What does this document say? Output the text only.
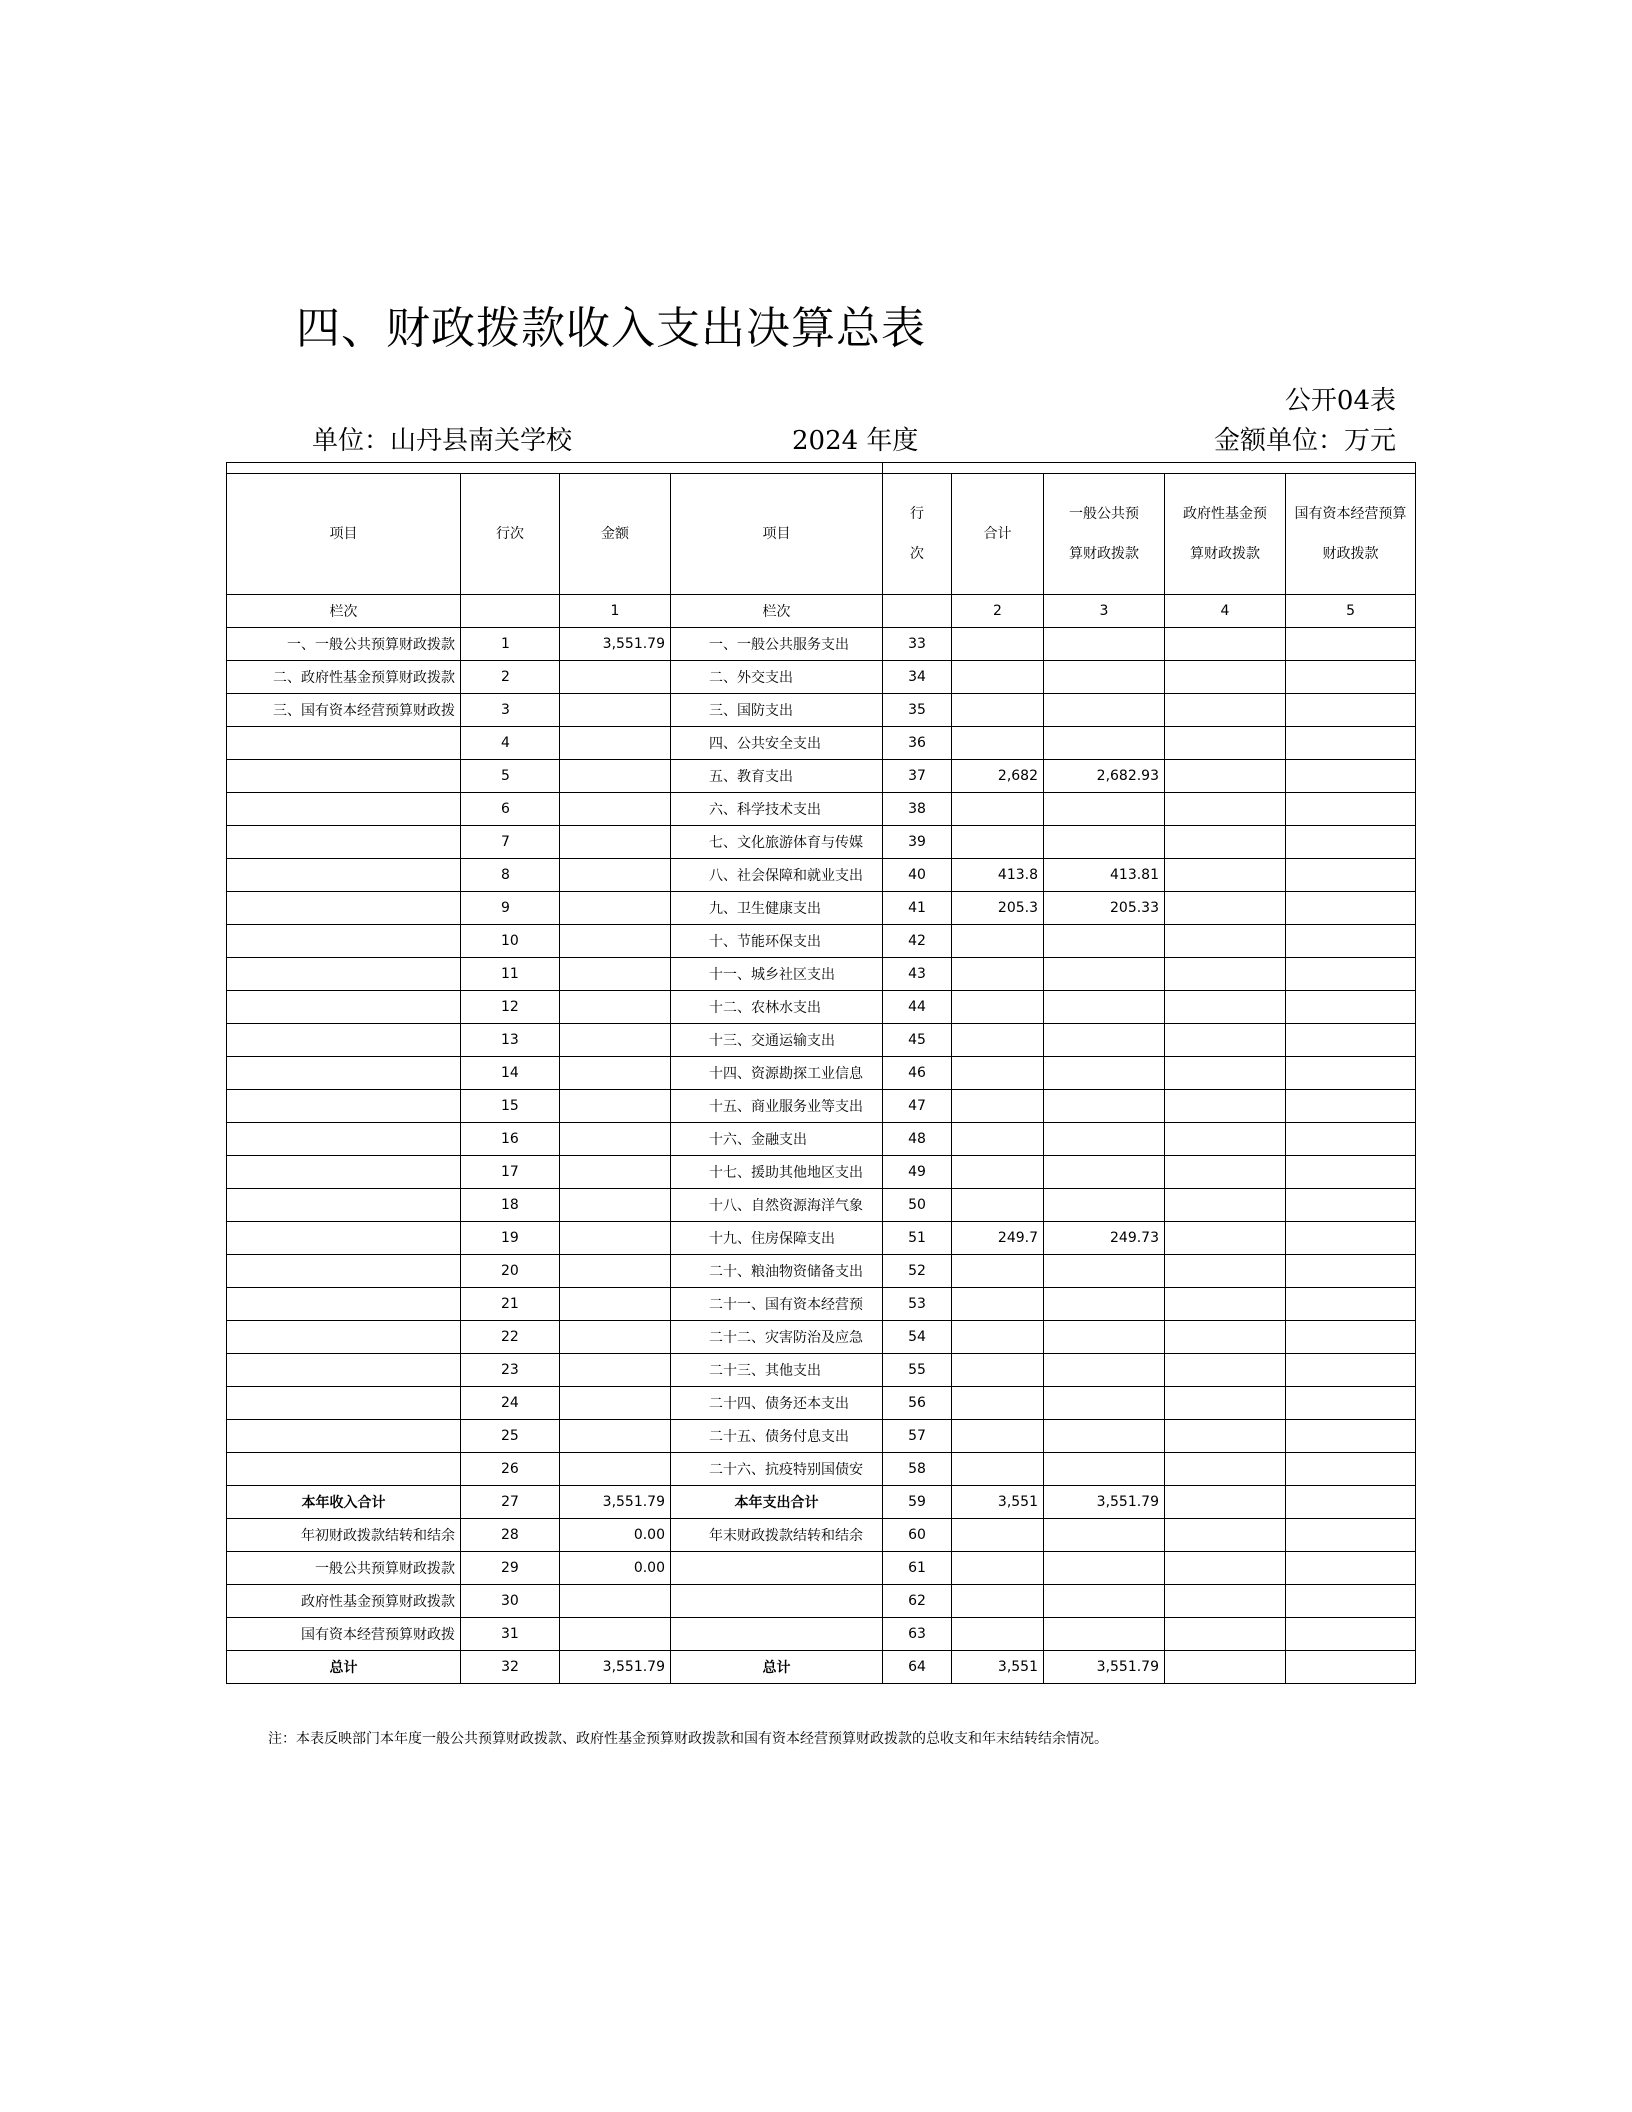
四、财政拨款收入支出决算总表
公开04表
单位：山丹县南关学校	2024 年度	金额单位：万元

项目	行次	金额	项目	行次	合计	一般公共预算财政拨款	政府性基金预算财政拨款	国有资本经营预算财政拨款
栏次		1	栏次		2	3	4	5
一、一般公共预算财政拨款	1	3,551.79	一、一般公共服务支出	33				
二、政府性基金预算财政拨款	2		二、外交支出	34				
三、国有资本经营预算财政拨	3		三、国防支出	35				
	4		四、公共安全支出	36				
	5		五、教育支出	37	2,682	2,682.93		
	6		六、科学技术支出	38				
	7		七、文化旅游体育与传媒	39				
	8		八、社会保障和就业支出	40	413.8	413.81		
	9		九、卫生健康支出	41	205.3	205.33		
	10		十、节能环保支出	42				
	11		十一、城乡社区支出	43				
	12		十二、农林水支出	44				
	13		十三、交通运输支出	45				
	14		十四、资源勘探工业信息	46				
	15		十五、商业服务业等支出	47				
	16		十六、金融支出	48				
	17		十七、援助其他地区支出	49				
	18		十八、自然资源海洋气象	50				
	19		十九、住房保障支出	51	249.7	249.73		
	20		二十、粮油物资储备支出	52				
	21		二十一、国有资本经营预	53				
	22		二十二、灾害防治及应急	54				
	23		二十三、其他支出	55				
	24		二十四、债务还本支出	56				
	25		二十五、债务付息支出	57				
	26		二十六、抗疫特别国债安	58				
本年收入合计	27	3,551.79	本年支出合计	59	3,551	3,551.79		
年初财政拨款结转和结余	28	0.00	年末财政拨款结转和结余	60				
一般公共预算财政拨款	29	0.00		61				
政府性基金预算财政拨款	30			62				
国有资本经营预算财政拨	31			63				
总计	32	3,551.79	总计	64	3,551	3,551.79		
注：本表反映部门本年度一般公共预算财政拨款、政府性基金预算财政拨款和国有资本经营预算财政拨款的总收支和年末结转结余情况。
